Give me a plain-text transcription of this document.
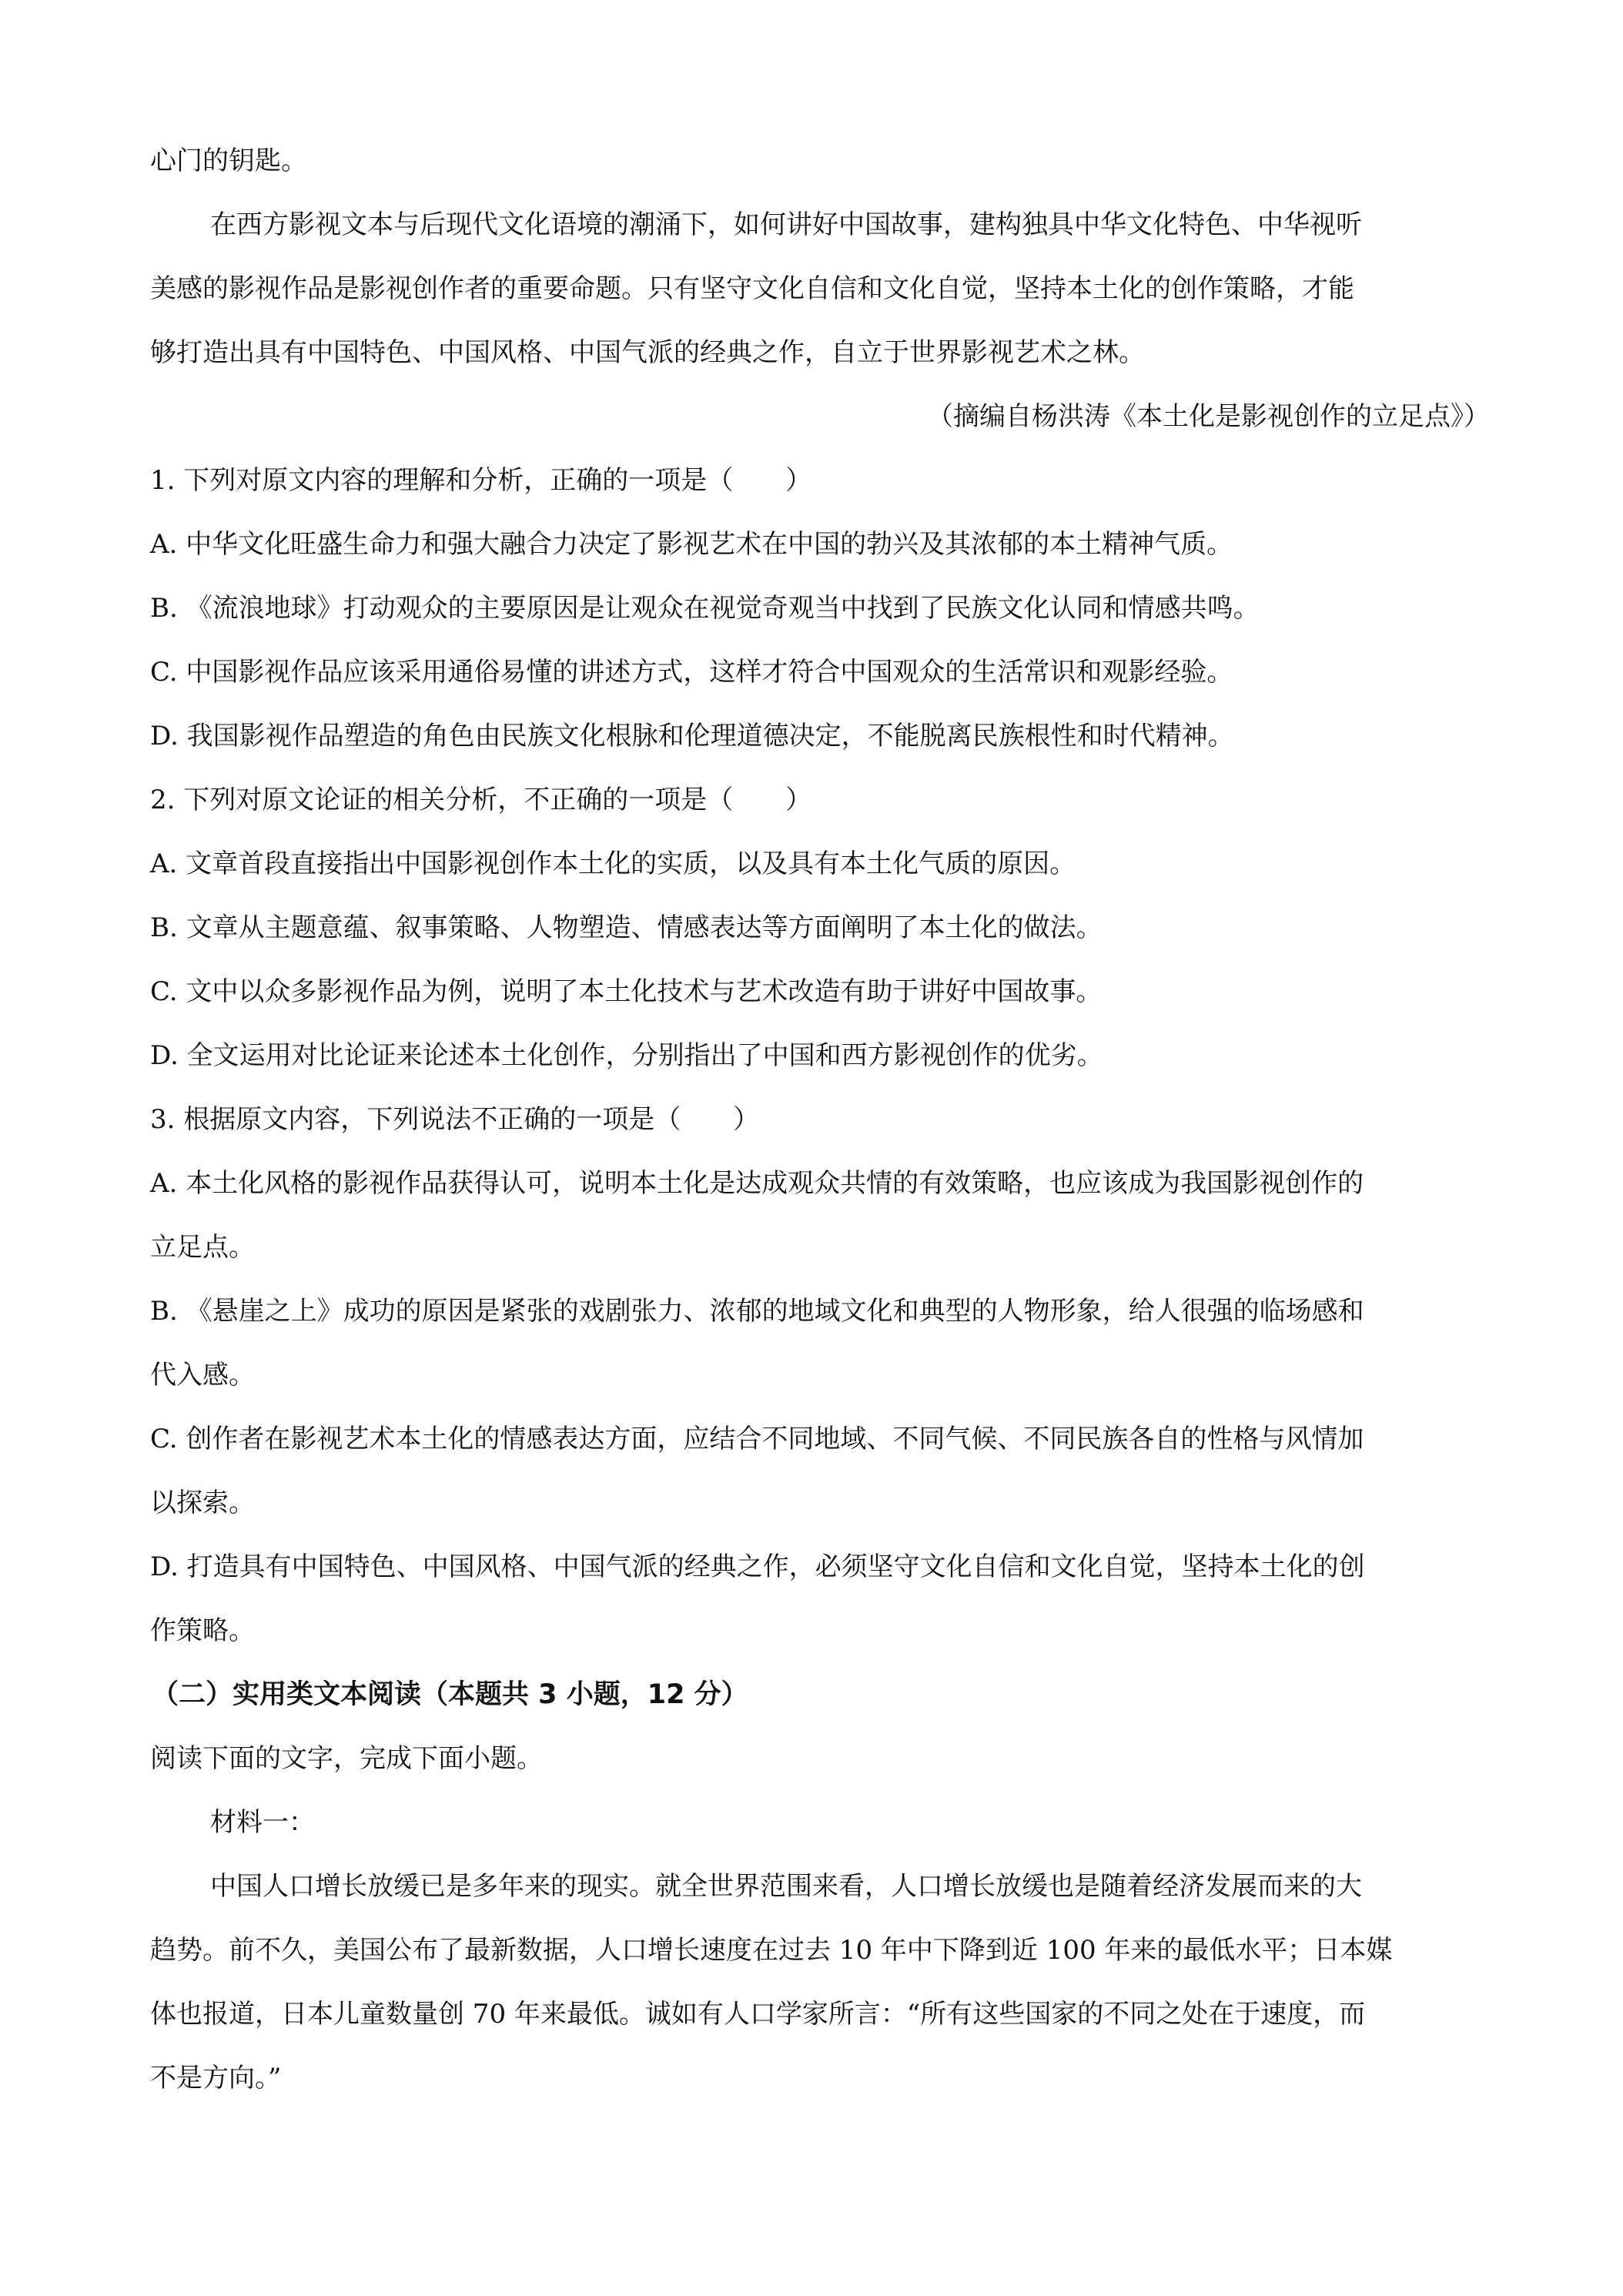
心门的钥匙。

在西方影视文本与后现代文化语境的潮涌下，如何讲好中国故事，建构独具中华文化特色、中华视听

美感的影视作品是影视创作者的重要命题。只有坚守文化自信和文化自觉，坚持本土化的创作策略，才能

够打造出具有中国特色、中国风格、中国气派的经典之作，自立于世界影视艺术之林。

（摘编自杨洪涛《本土化是影视创作的立足点》）

1. 下列对原文内容的理解和分析，正确的一项是（　　）

A. 中华文化旺盛生命力和强大融合力决定了影视艺术在中国的勃兴及其浓郁的本土精神气质。

B. 《流浪地球》打动观众的主要原因是让观众在视觉奇观当中找到了民族文化认同和情感共鸣。

C. 中国影视作品应该采用通俗易懂的讲述方式，这样才符合中国观众的生活常识和观影经验。

D. 我国影视作品塑造的角色由民族文化根脉和伦理道德决定，不能脱离民族根性和时代精神。

2. 下列对原文论证的相关分析，不正确的一项是（　　）

A. 文章首段直接指出中国影视创作本土化的实质，以及具有本土化气质的原因。

B. 文章从主题意蕴、叙事策略、人物塑造、情感表达等方面阐明了本土化的做法。

C. 文中以众多影视作品为例，说明了本土化技术与艺术改造有助于讲好中国故事。

D. 全文运用对比论证来论述本土化创作，分别指出了中国和西方影视创作的优劣。

3. 根据原文内容，下列说法不正确的一项是（　　）

A. 本土化风格的影视作品获得认可，说明本土化是达成观众共情的有效策略，也应该成为我国影视创作的

立足点。

B. 《悬崖之上》成功的原因是紧张的戏剧张力、浓郁的地域文化和典型的人物形象，给人很强的临场感和

代入感。

C. 创作者在影视艺术本土化的情感表达方面，应结合不同地域、不同气候、不同民族各自的性格与风情加

以探索。

D. 打造具有中国特色、中国风格、中国气派的经典之作，必须坚守文化自信和文化自觉，坚持本土化的创

作策略。

（二）实用类文本阅读（本题共 3 小题，12 分）

阅读下面的文字，完成下面小题。

材料一：

中国人口增长放缓已是多年来的现实。就全世界范围来看，人口增长放缓也是随着经济发展而来的大

趋势。前不久，美国公布了最新数据，人口增长速度在过去 10 年中下降到近 100 年来的最低水平；日本媒

体也报道，日本儿童数量创 70 年来最低。诚如有人口学家所言：“所有这些国家的不同之处在于速度，而

不是方向。”
